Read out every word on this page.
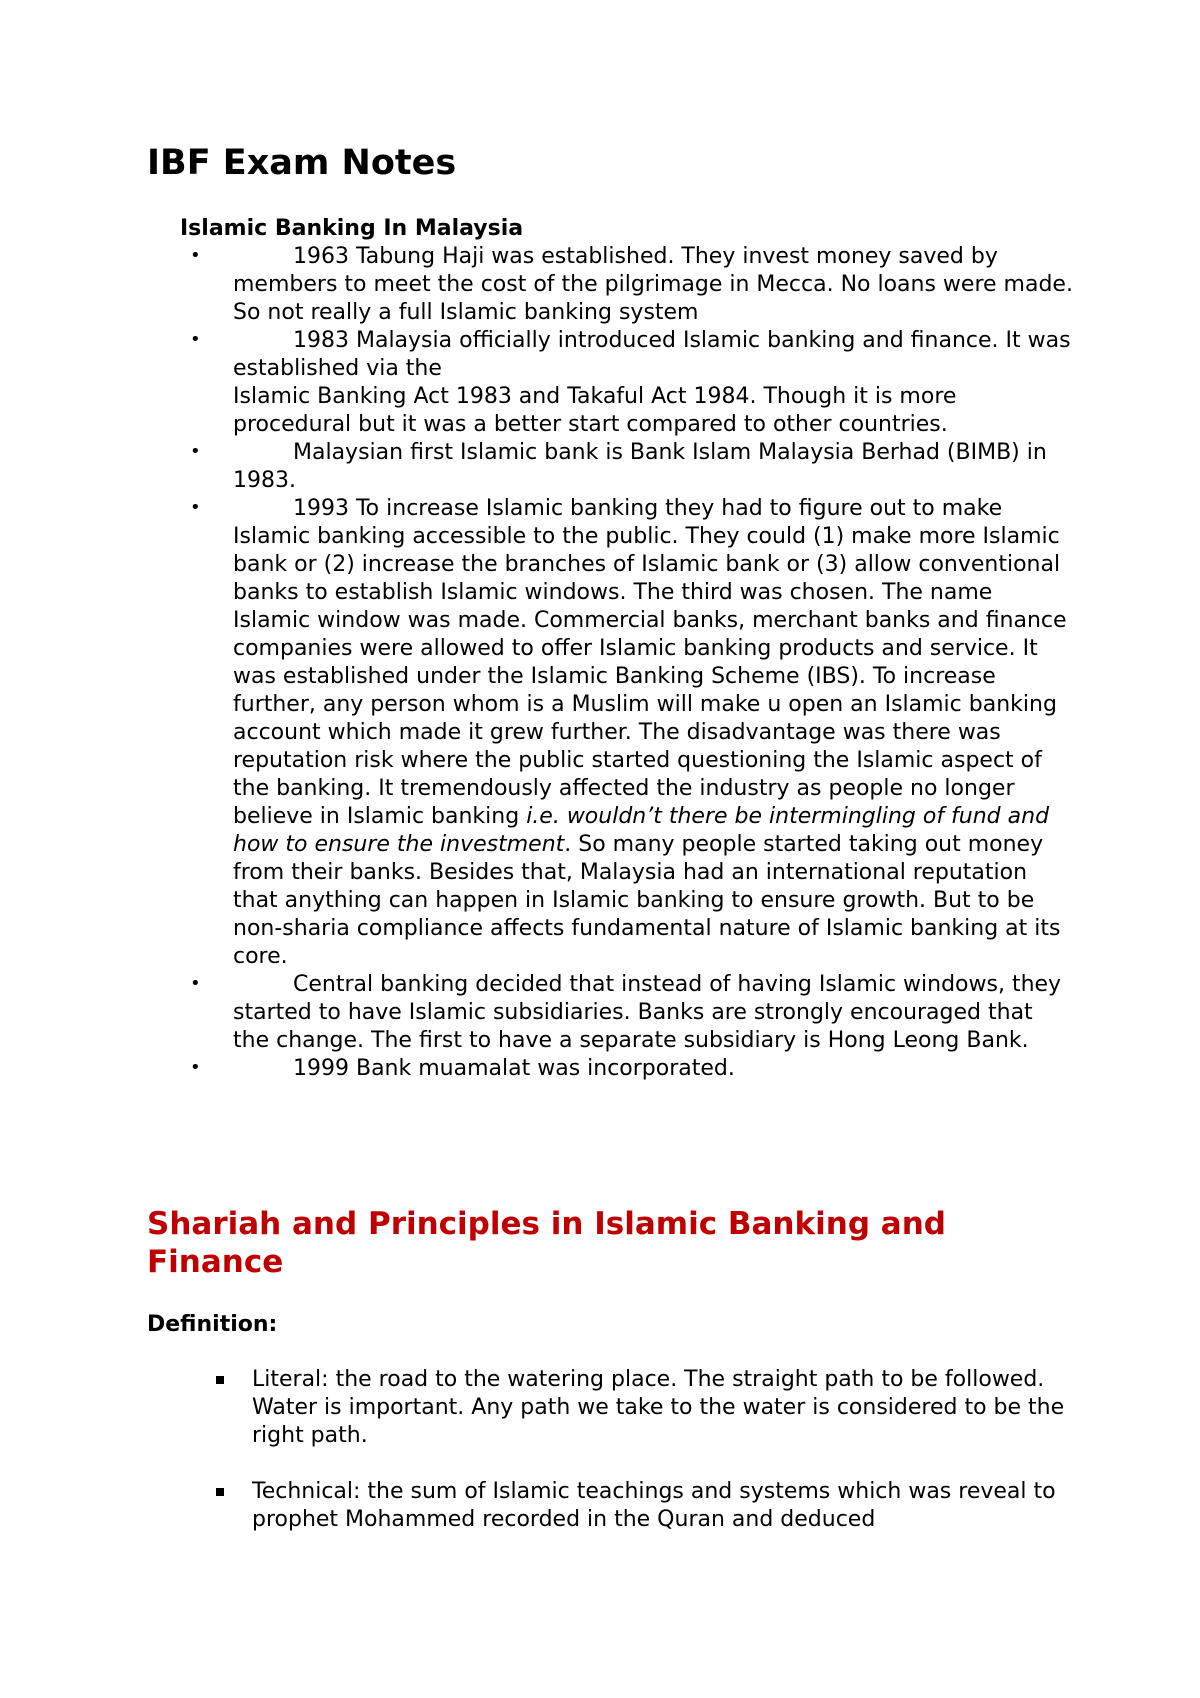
IBF Exam Notes
Islamic Banking In Malaysia
•	1963 Tabung Haji was established. They invest money saved by members to meet the cost of the pilgrimage in Mecca. No loans were made. So not really a full Islamic banking system
•	1983 Malaysia officially introduced Islamic banking and finance. It was established via the
Islamic Banking Act 1983 and Takaful Act 1984. Though it is more procedural but it was a better start compared to other countries.
•	Malaysian first Islamic bank is Bank Islam Malaysia Berhad (BIMB) in 1983.
•	1993 To increase Islamic banking they had to figure out to make Islamic banking accessible to the public. They could (1) make more Islamic bank or (2) increase the branches of Islamic bank or (3) allow conventional banks to establish Islamic windows. The third was chosen. The name Islamic window was made. Commercial banks, merchant banks and finance companies were allowed to offer Islamic banking products and service. It was established under the Islamic Banking Scheme (IBS). To increase further, any person whom is a Muslim will make u open an Islamic banking account which made it grew further. The disadvantage was there was reputation risk where the public started questioning the Islamic aspect of the banking. It tremendously affected the industry as people no longer believe in Islamic banking i.e. wouldn’t there be intermingling of fund and how to ensure the investment. So many people started taking out money from their banks. Besides that, Malaysia had an international reputation that anything can happen in Islamic banking to ensure growth. But to be non-sharia compliance affects fundamental nature of Islamic banking at its core.
•	Central banking decided that instead of having Islamic windows, they started to have Islamic subsidiaries. Banks are strongly encouraged that the change. The first to have a separate subsidiary is Hong Leong Bank.
•	1999 Bank muamalat was incorporated.
Shariah and Principles in Islamic Banking and Finance

Definition:

Literal: the road to the watering place. The straight path to be followed. Water is important. Any path we take to the water is considered to be the right path.
Technical: the sum of Islamic teachings and systems which was reveal to prophet Mohammed recorded in the Quran and deduced
